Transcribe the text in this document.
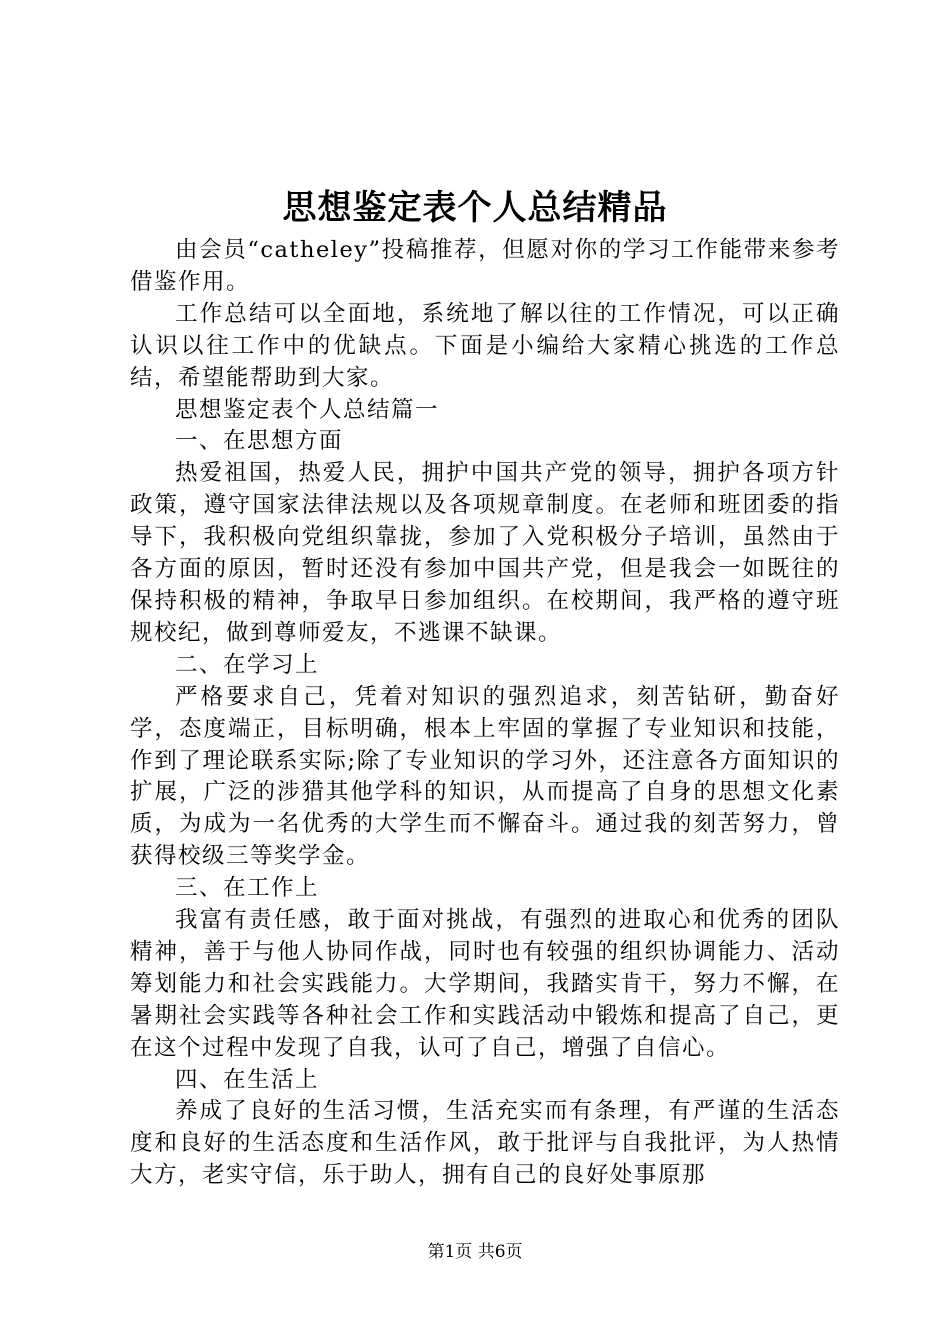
思想鉴定表个人总结精品

由会员“catheley”投稿推荐，但愿对你的学习工作能带来参考借鉴作用。

工作总结可以全面地，系统地了解以往的工作情况，可以正确认识以往工作中的优缺点。下面是小编给大家精心挑选的工作总结，希望能帮助到大家。

思想鉴定表个人总结篇一

一、在思想方面

热爱祖国，热爱人民，拥护中国共产党的领导，拥护各项方针政策，遵守国家法律法规以及各项规章制度。在老师和班团委的指导下，我积极向党组织靠拢，参加了入党积极分子培训，虽然由于各方面的原因，暂时还没有参加中国共产党，但是我会一如既往的保持积极的精神，争取早日参加组织。在校期间，我严格的遵守班规校纪，做到尊师爱友，不逃课不缺课。

二、在学习上

严格要求自己，凭着对知识的强烈追求，刻苦钻研，勤奋好学，态度端正，目标明确，根本上牢固的掌握了专业知识和技能，作到了理论联系实际;除了专业知识的学习外，还注意各方面知识的扩展，广泛的涉猎其他学科的知识，从而提高了自身的思想文化素质，为成为一名优秀的大学生而不懈奋斗。通过我的刻苦努力，曾获得校级三等奖学金。

三、在工作上

我富有责任感，敢于面对挑战，有强烈的进取心和优秀的团队精神，善于与他人协同作战，同时也有较强的组织协调能力、活动筹划能力和社会实践能力。大学期间，我踏实肯干，努力不懈，在暑期社会实践等各种社会工作和实践活动中锻炼和提高了自己，更在这个过程中发现了自我，认可了自己，增强了自信心。

四、在生活上

养成了良好的生活习惯，生活充实而有条理，有严谨的生活态度和良好的生活态度和生活作风，敢于批评与自我批评，为人热情大方，老实守信，乐于助人，拥有自己的良好处事原那

第1页 共6页
